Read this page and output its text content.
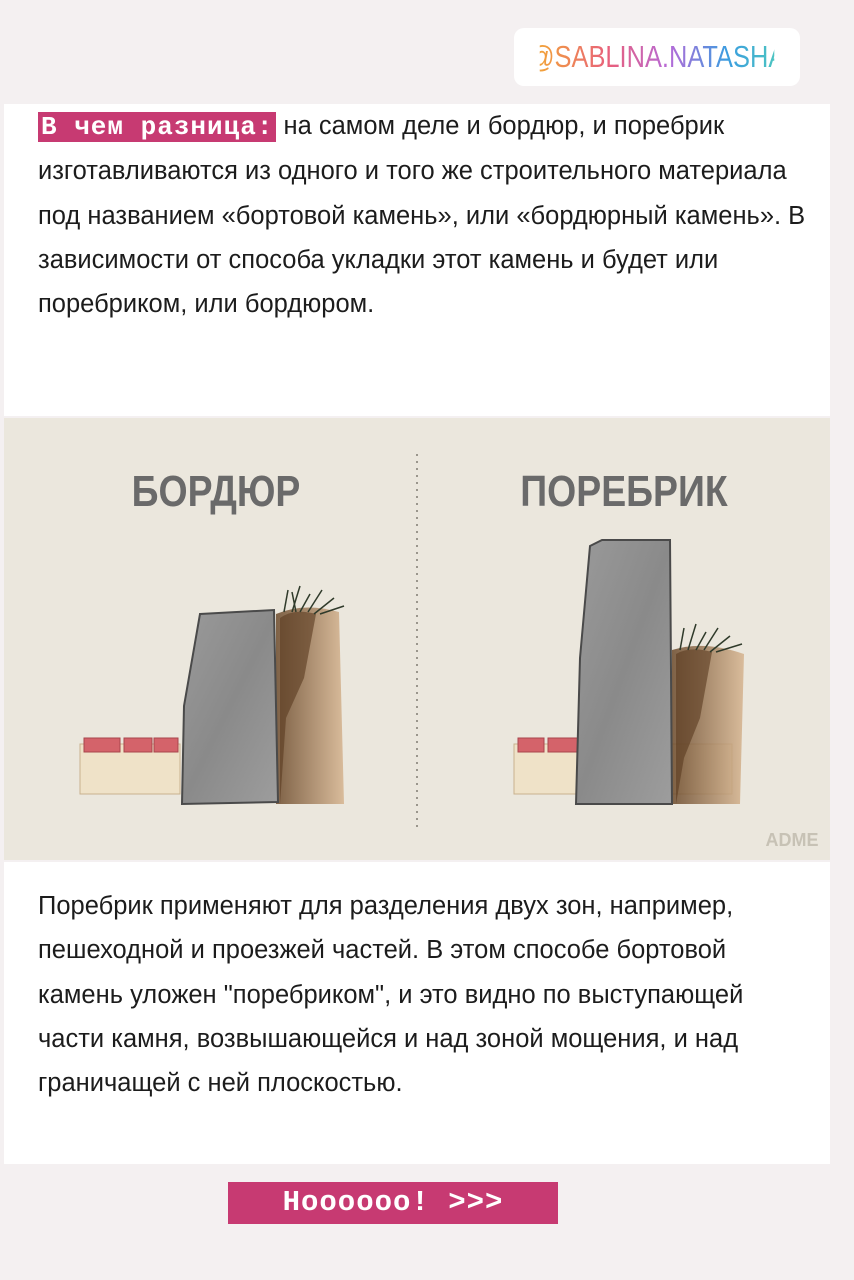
@SABLINA.NATASHA

В чем разница: на самом деле и бордюр, и поребрик изготавливаются из одного и того же строительного материала под названием «бортовой камень», или «бордюрный камень». В зависимости от способа укладки этот камень и будет или поребриком, или бордюром.

БОРДЮР	ПОРЕБРИК
ADME

Поребрик применяют для разделения двух зон, например, пешеходной и проезжей частей. В этом способе бортовой камень уложен "поребриком", и это видно по выступающей части камня, возвышающейся и над зоной мощения, и над граничащей с ней плоскостью.

Нoooooo! >>>
